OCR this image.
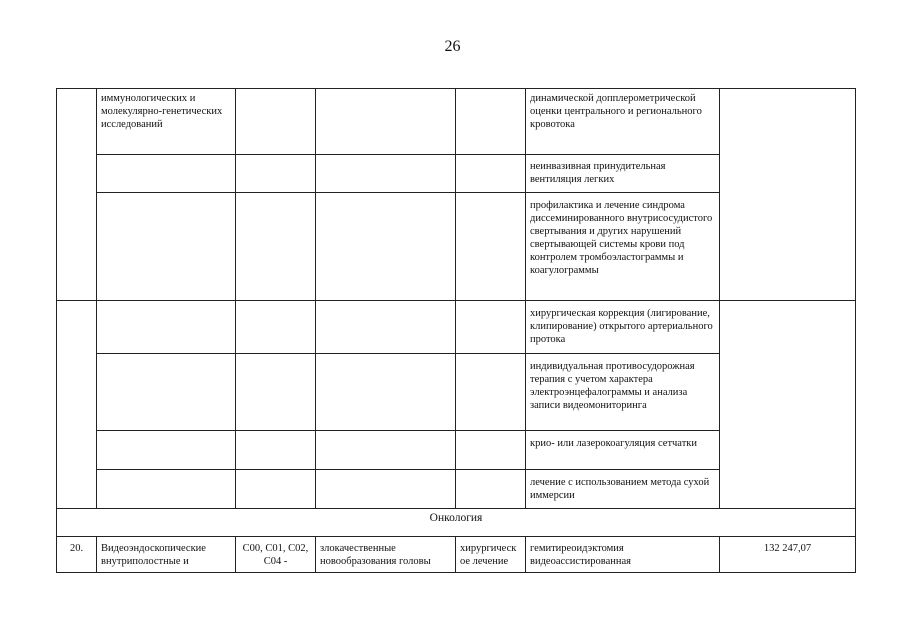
26
	иммунологических и молекулярно-генетических исследований				динамической допплерометрической оценки центрального и регионального кровотока	
					неинвазивная принудительная вентиляция легких	
					профилактика и лечение синдрома диссеминированного внутрисосудистого свертывания и других нарушений свертывающей системы крови под контролем тромбоэластограммы и коагулограммы	
					хирургическая коррекция (лигирование, клипирование) открытого артериального протока	
					индивидуальная противосудорожная терапия с учетом характера электроэнцефалограммы и анализа записи видеомониторинга	
					крио- или лазерокоагуляция сетчатки	
					лечение с использованием метода сухой иммерсии	
Онкология						
20.	Видеоэндоскопические внутриполостные и	C00, C01, C02, C04 -	злокачественные новообразования головы	хирургическ ое лечение	гемитиреоидэктомия видеоассистированная	132 247,07
